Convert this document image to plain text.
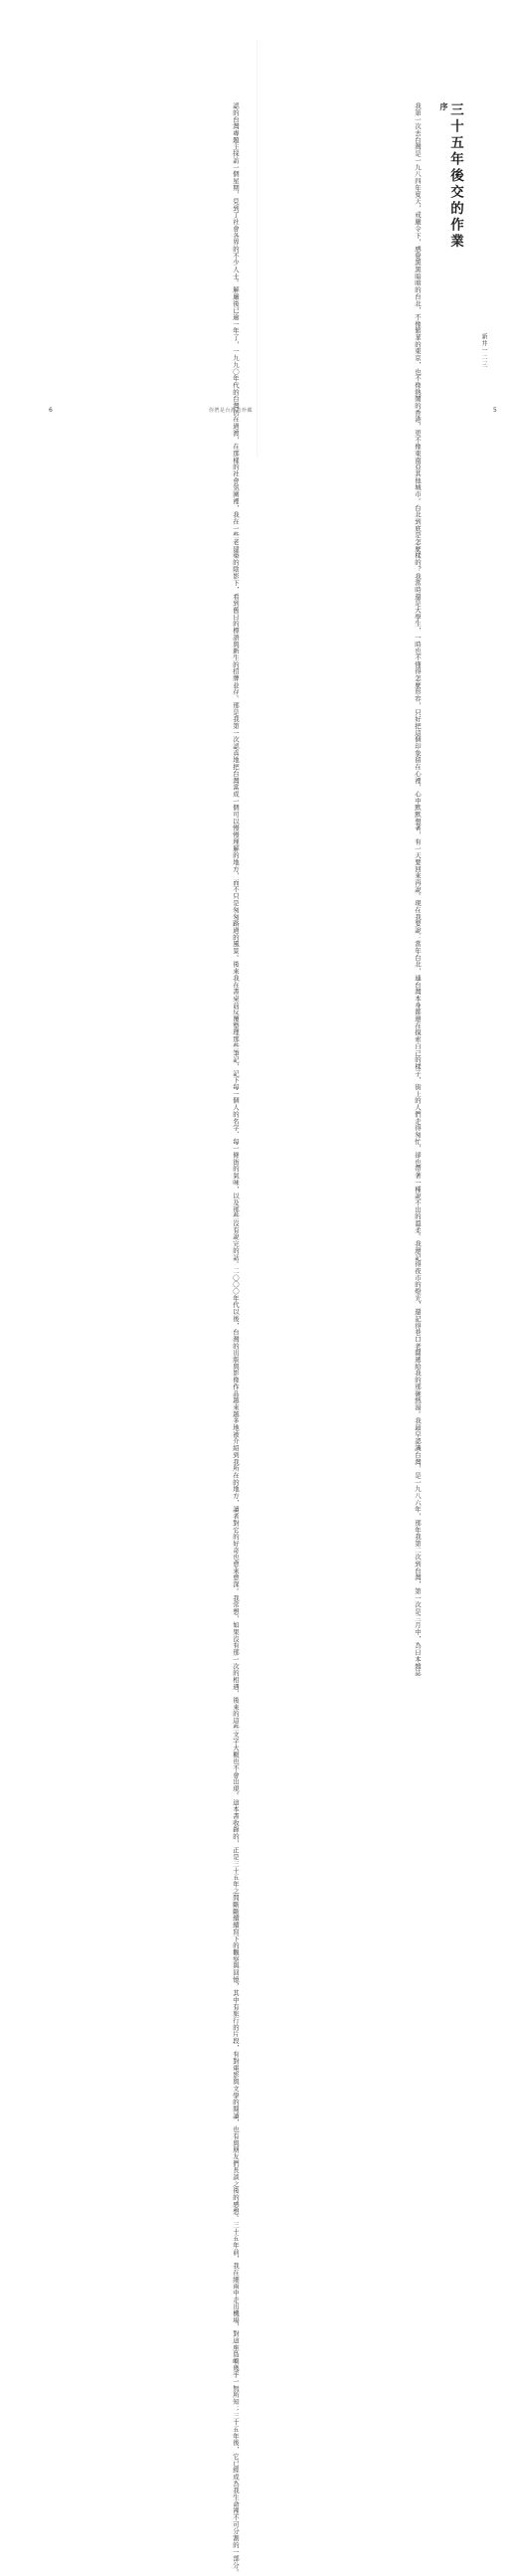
認的台灣專題主採訪一個星期，見到了社會各界的不少人士。解嚴後已逾一年了，一九九〇年代的台灣仍在過渡，在那樣的社會氛圍裡，我在一些老建築的陰影下，看到舊日的標語與新生的招牌並存。那是我第一次認真地把台灣當成一個可以慢慢理解的地方，而不只是匆匆路過的風景。後來我在書桌前反覆整理那些筆記，記下每一個人的名字、每一條街的氣味，以及那些沒有說完的話。二〇〇〇年代以後，台灣的出版與影像作品越來越多地被介紹到我所在的地方，讀者對它的好奇也愈來愈深。我常想，如果沒有那一次的相遇，後來的這些文字大概也不會出現。這本書收錄的，正是三十五年之間斷斷續續寫下的觀察與回憶，其中有旅行的片段，有對電影與文學的閱讀，也有與朋友們長談之後的感想。三十五年前，我在細雨中走出機場，對這座島嶼幾乎一無所知；三十五年後，它已經成為我生命裡不可分割的一部分。
6	你們是台灣的珍藏	我第一次去台灣是一九八四年夏天，戒嚴令下，感覺黑黑暗暗的台北，不像繁華的東京，也不像熱鬧的香港，更不像東南亞其他城市。台北到底是怎麼樣的？我當時還是大學生，一時也不懂得怎麼形容，只好把這個印象留在心裡，心中默默想著，有一天要回來再說。現在我要說：當年台北，連台灣本身都還在摸索自己的樣子，街上的人們走得匆忙，卻也帶著一種說不出的溫柔。我還記得夜市的燈光，還記得巷口老闆遞給我的那碗熱湯。我最早認識台灣，是一九八六年，那年我第二次到台灣，第一次是三月中，為日本雜誌 序
三十五年後交的作業
新井一二三
5
